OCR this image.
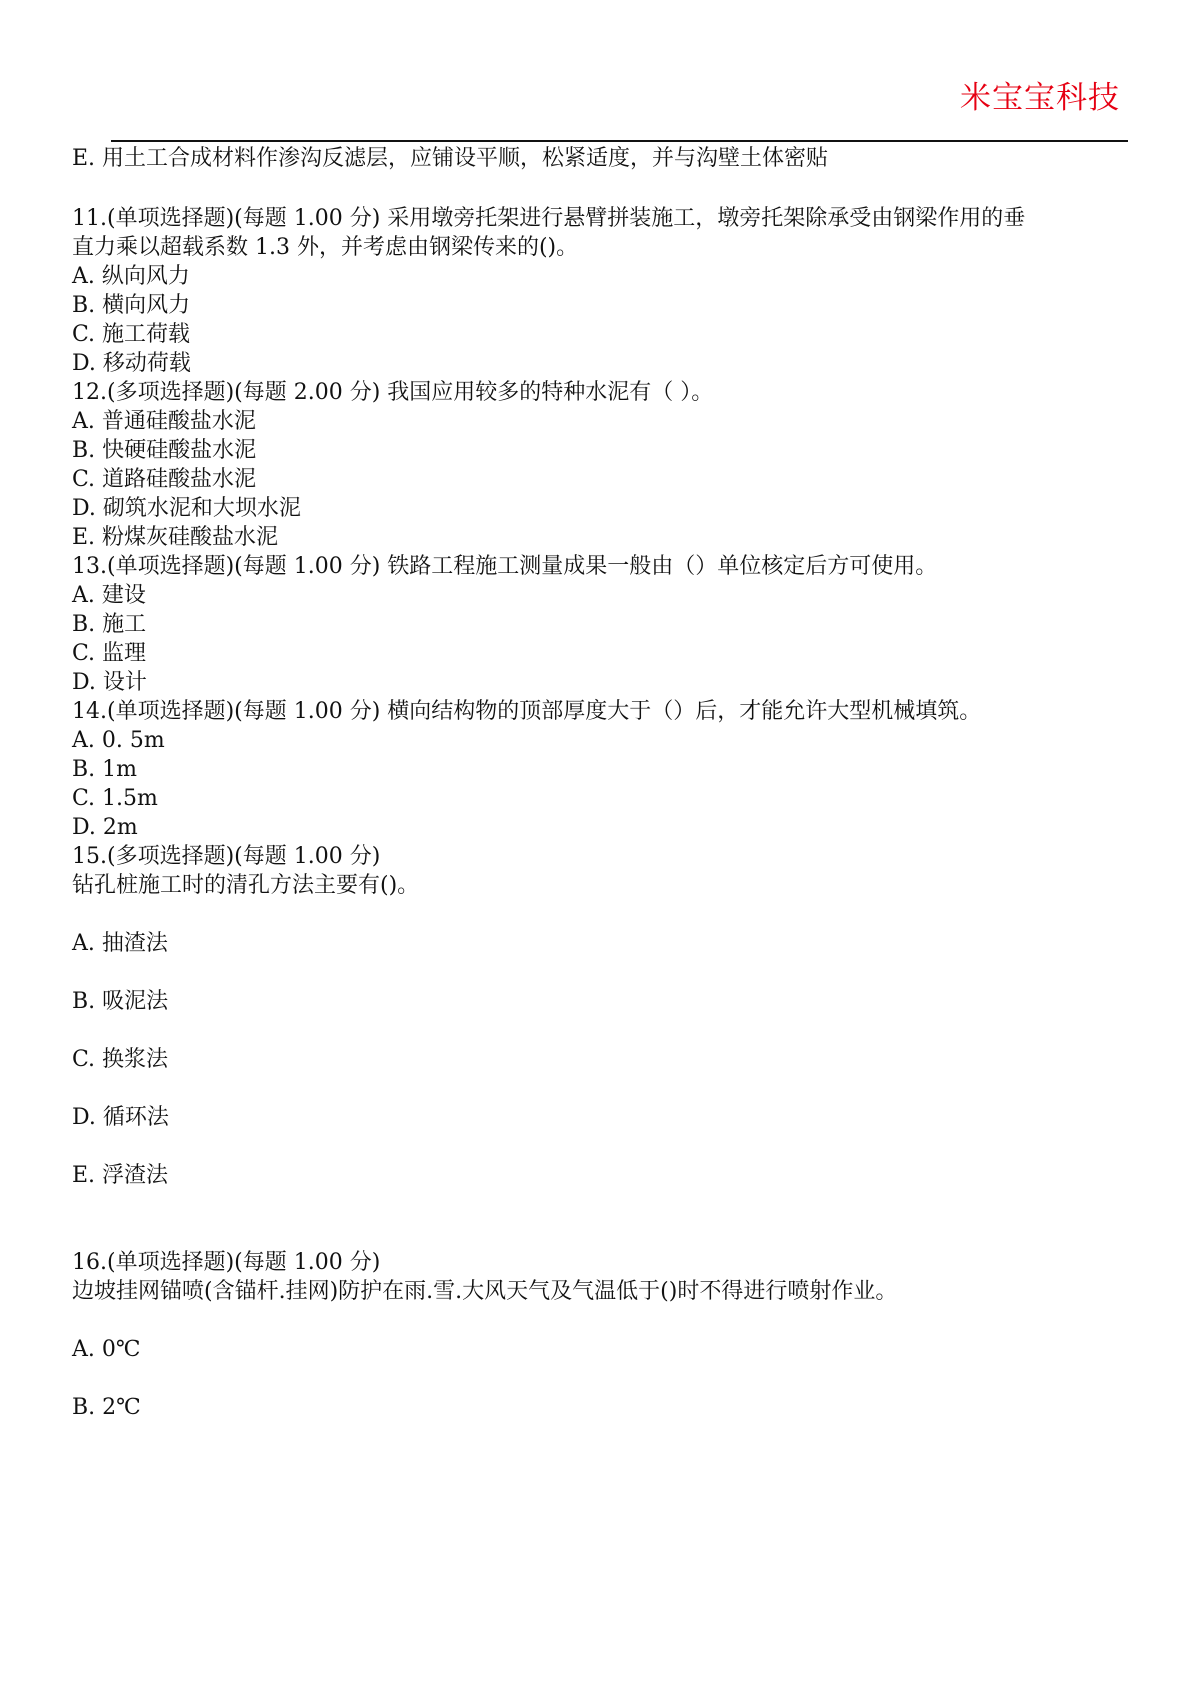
米宝宝科技
E. 用土工合成材料作渗沟反滤层，应铺设平顺，松紧适度，并与沟壁土体密贴
11.(单项选择题)(每题 1.00 分) 采用墩旁托架进行悬臂拼装施工，墩旁托架除承受由钢梁作用的垂
直力乘以超载系数 1.3 外，并考虑由钢梁传来的()。
A. 纵向风力
B. 横向风力
C. 施工荷载
D. 移动荷载
12.(多项选择题)(每题 2.00 分) 我国应用较多的特种水泥有（ ）。
A. 普通硅酸盐水泥
B. 快硬硅酸盐水泥
C. 道路硅酸盐水泥
D. 砌筑水泥和大坝水泥
E. 粉煤灰硅酸盐水泥
13.(单项选择题)(每题 1.00 分) 铁路工程施工测量成果一般由（）单位核定后方可使用。
A. 建设
B. 施工
C. 监理
D. 设计
14.(单项选择题)(每题 1.00 分) 横向结构物的顶部厚度大于（）后，才能允许大型机械填筑。
A. 0. 5m
B. 1m
C. 1.5m
D. 2m
15.(多项选择题)(每题 1.00 分)
钻孔桩施工时的清孔方法主要有()。
A. 抽渣法
B. 吸泥法
C. 换浆法
D. 循环法
E. 浮渣法
16.(单项选择题)(每题 1.00 分)
边坡挂网锚喷(含锚杆.挂网)防护在雨.雪.大风天气及气温低于()时不得进行喷射作业。
A. 0℃
B. 2℃
